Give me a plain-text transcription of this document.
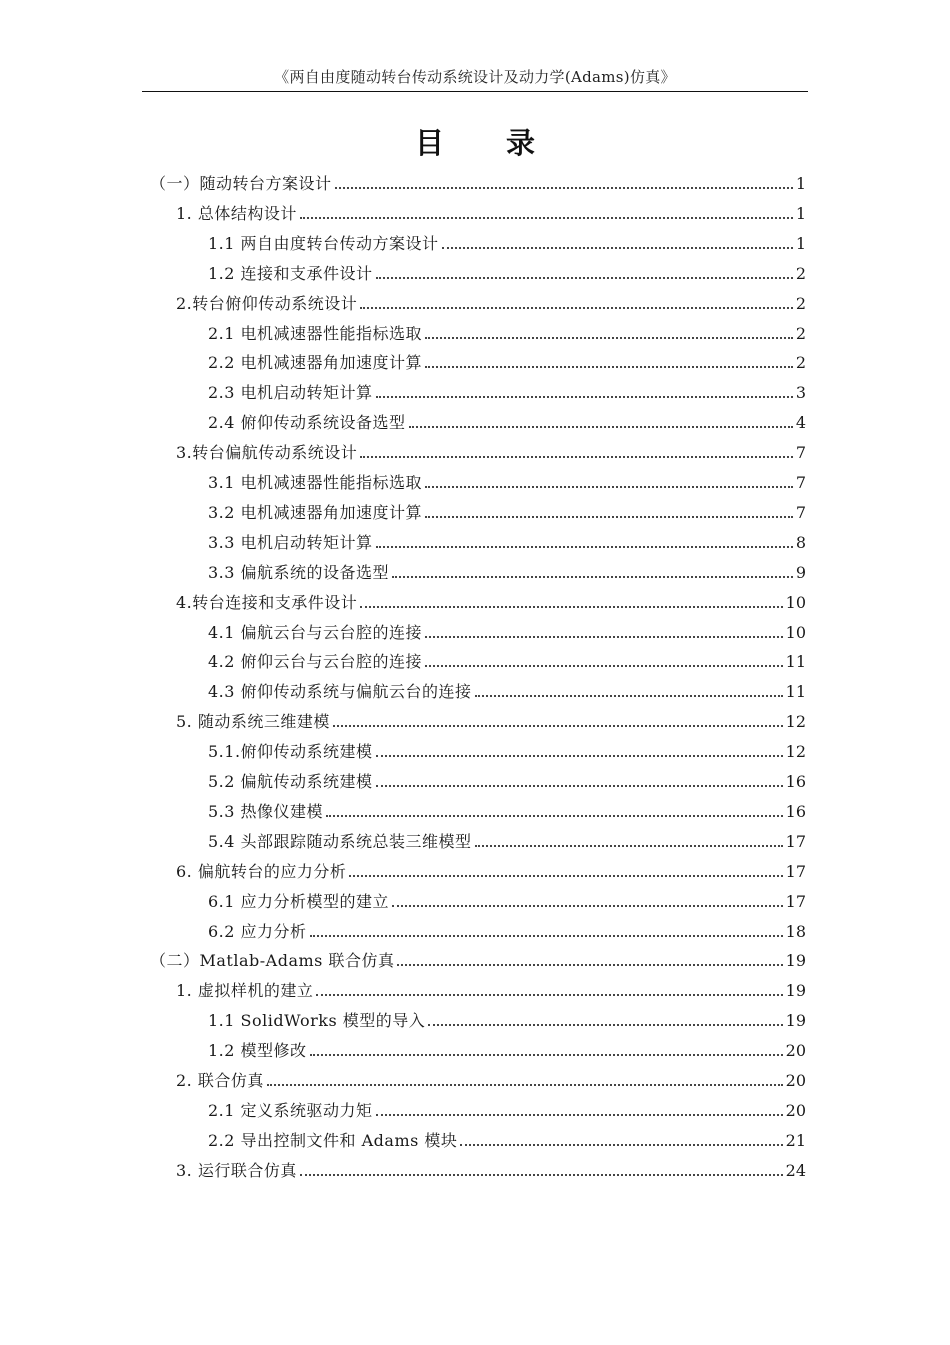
《两自由度随动转台传动系统设计及动力学(Adams)仿真》
目 录
（一）随动转台方案设计	1
1. 总体结构设计	1
1.1 两自由度转台传动方案设计	1
1.2 连接和支承件设计	2
2.转台俯仰传动系统设计	2
2.1 电机减速器性能指标选取	2
2.2 电机减速器角加速度计算	2
2.3 电机启动转矩计算	3
2.4 俯仰传动系统设备选型	4
3.转台偏航传动系统设计	7
3.1 电机减速器性能指标选取	7
3.2 电机减速器角加速度计算	7
3.3 电机启动转矩计算	8
3.3 偏航系统的设备选型	9
4.转台连接和支承件设计	10
4.1 偏航云台与云台腔的连接	10
4.2 俯仰云台与云台腔的连接	11
4.3 俯仰传动系统与偏航云台的连接	11
5. 随动系统三维建模	12
5.1.俯仰传动系统建模	12
5.2 偏航传动系统建模	16
5.3 热像仪建模	16
5.4 头部跟踪随动系统总装三维模型	17
6. 偏航转台的应力分析	17
6.1 应力分析模型的建立	17
6.2 应力分析	18
（二）Matlab-Adams 联合仿真	19
1. 虚拟样机的建立	19
1.1 SolidWorks 模型的导入	19
1.2 模型修改	20
2. 联合仿真	20
2.1 定义系统驱动力矩	20
2.2 导出控制文件和 Adams 模块	21
3. 运行联合仿真	24
